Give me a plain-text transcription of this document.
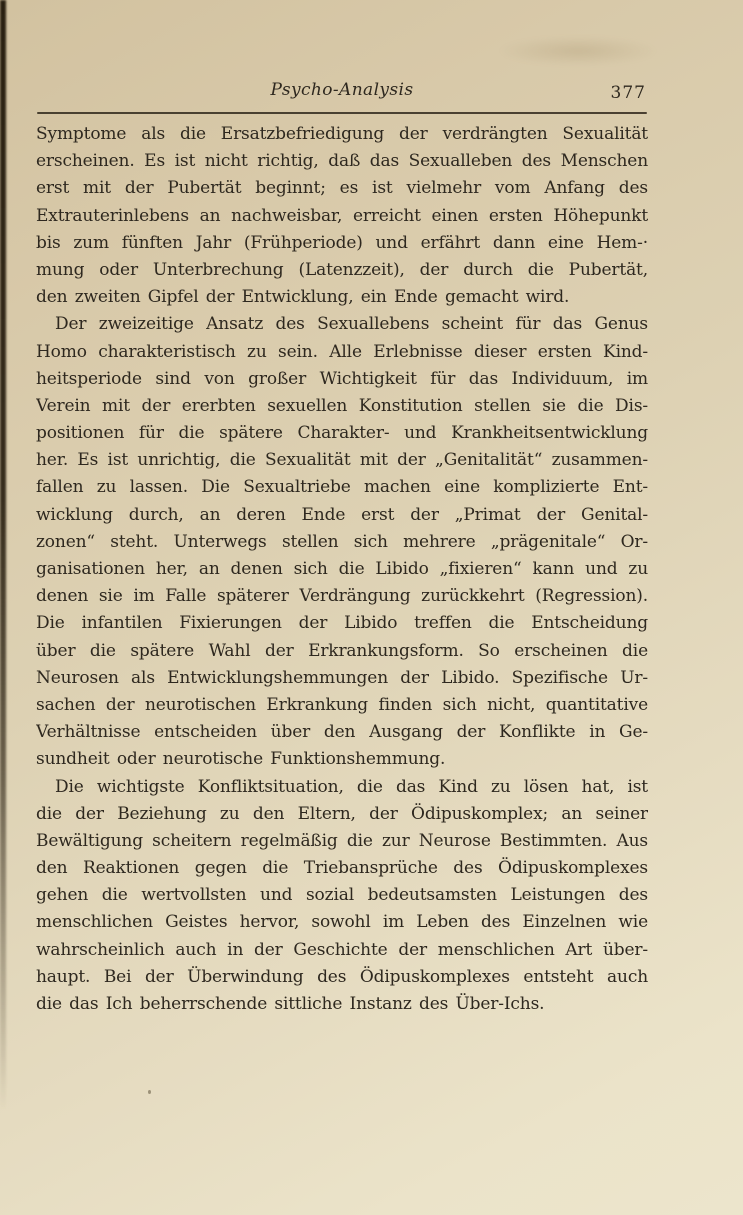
Psycho-Analysis	377
Symptome als die Ersatzbefriedigung der verdrängten Sexualität
erscheinen. Es ist nicht richtig, daß das Sexualleben des Menschen
erst mit der Pubertät beginnt; es ist vielmehr vom Anfang des
Extrauterinlebens an nachweisbar, erreicht einen ersten Höhepunkt
bis zum fünften Jahr (Frühperiode) und erfährt dann eine Hem-·
mung oder Unterbrechung (Latenzzeit), der durch die Pubertät,
den zweiten Gipfel der Entwicklung, ein Ende gemacht wird.
Der zweizeitige Ansatz des Sexuallebens scheint für das Genus
Homo charakteristisch zu sein. Alle Erlebnisse dieser ersten Kind-
heitsperiode sind von großer Wichtigkeit für das Individuum, im
Verein mit der ererbten sexuellen Konstitution stellen sie die Dis-
positionen für die spätere Charakter- und Krankheitsentwicklung
her. Es ist unrichtig, die Sexualität mit der „Genitalität“ zusammen-
fallen zu lassen. Die Sexualtriebe machen eine komplizierte Ent-
wicklung durch, an deren Ende erst der „Primat der Genital-
zonen“ steht. Unterwegs stellen sich mehrere „prägenitale“ Or-
ganisationen her, an denen sich die Libido „fixieren“ kann und zu
denen sie im Falle späterer Verdrängung zurückkehrt (Regression).
Die infantilen Fixierungen der Libido treffen die Entscheidung
über die spätere Wahl der Erkrankungsform. So erscheinen die
Neurosen als Entwicklungshemmungen der Libido. Spezifische Ur-
sachen der neurotischen Erkrankung finden sich nicht, quantitative
Verhältnisse entscheiden über den Ausgang der Konflikte in Ge-
sundheit oder neurotische Funktionshemmung.
Die wichtigste Konfliktsituation, die das Kind zu lösen hat, ist
die der Beziehung zu den Eltern, der Ödipuskomplex; an seiner
Bewältigung scheitern regelmäßig die zur Neurose Bestimmten. Aus
den Reaktionen gegen die Triebansprüche des Ödipuskomplexes
gehen die wertvollsten und sozial bedeutsamsten Leistungen des
menschlichen Geistes hervor, sowohl im Leben des Einzelnen wie
wahrscheinlich auch in der Geschichte der menschlichen Art über-
haupt. Bei der Überwindung des Ödipuskomplexes entsteht auch
die das Ich beherrschende sittliche Instanz des Über-Ichs.
